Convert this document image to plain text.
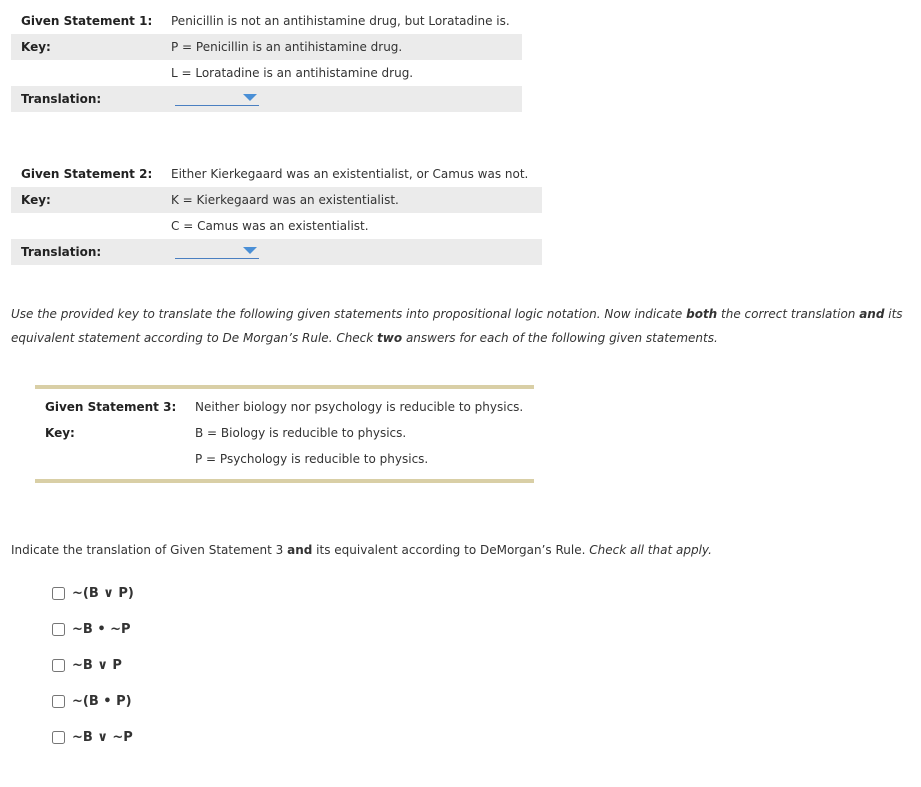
Given Statement 1: Penicillin is not an antihistamine drug, but Loratadine is.
Key:	P = Penicillin is an antihistamine drug.
L = Loratadine is an antihistamine drug.
Translation:
Given Statement 2: Either Kierkegaard was an existentialist, or Camus was not.
Key:	K = Kierkegaard was an existentialist.
C = Camus was an existentialist.
Translation:
Use the provided key to translate the following given statements into propositional logic notation. Now indicate both the correct translation and its equivalent statement according to De Morgan’s Rule. Check two answers for each of the following given statements.
Given Statement 3: Neither biology nor psychology is reducible to physics.
Key:	B = Biology is reducible to physics.
P = Psychology is reducible to physics.
Indicate the translation of Given Statement 3 and its equivalent according to DeMorgan’s Rule. Check all that apply.
~(B ∨ P)
~B • ~P
~B ∨ P
~(B • P)
~B ∨ ~P
